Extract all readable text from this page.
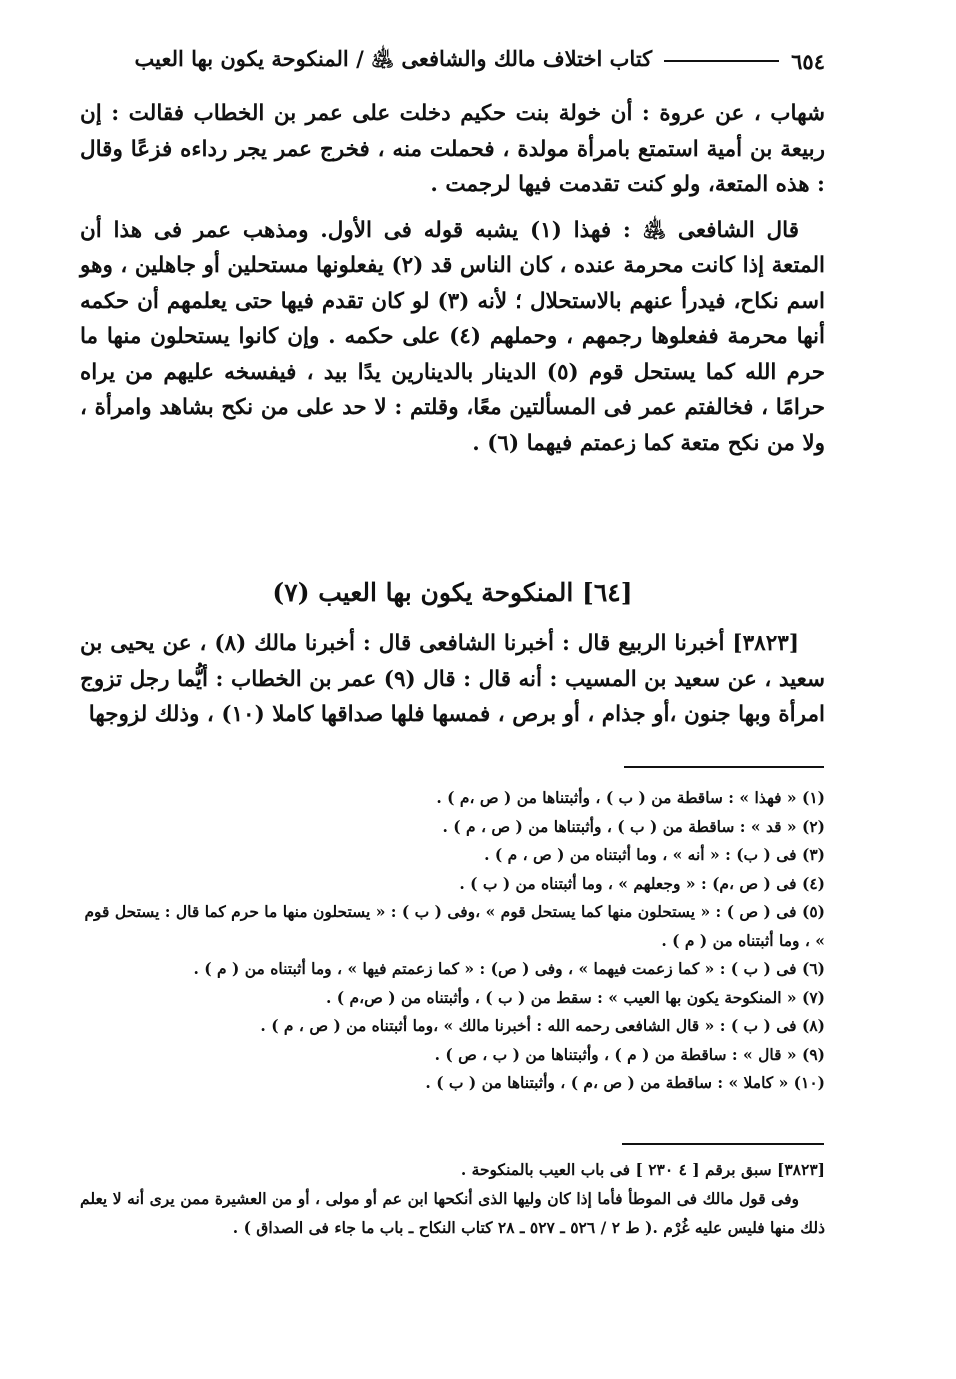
٦٥٤
كتاب اختلاف مالك والشافعى ﵁ / المنكوحة يكون بها العيب

شهاب ، عن عروة : أن خولة بنت حكيم دخلت على عمر بن الخطاب فقالت : إن ربيعة بن أمية استمتع بامرأة مولدة ، فحملت منه ، فخرج عمر يجر رداءه فزعًا وقال : هذه المتعة، ولو كنت تقدمت فيها لرجمت .

قال الشافعى ﵁ : فهذا (١) يشبه قوله فى الأول. ومذهب عمر فى هذا أن المتعة إذا كانت محرمة عنده ، كان الناس قد (٢) يفعلونها مستحلين أو جاهلين ، وهو اسم نكاح، فيدرأ عنهم بالاستحلال ؛ لأنه (٣) لو كان تقدم فيها حتى يعلمهم أن حكمه أنها محرمة ففعلوها رجمهم ، وحملهم (٤) على حكمه . وإن كانوا يستحلون منها ما حرم الله كما يستحل قوم (٥) الدينار بالدينارين يدًا بيد ، فيفسخه عليهم من يراه حرامًا ، فخالفتم عمر فى المسألتين معًا، وقلتم : لا حد على من نكح بشاهد وامرأة ، ولا من نكح متعة كما زعمتم فيهما (٦) .

[٦٤] المنكوحة يكون بها العيب (٧)

[٣٨٢٣] أخبرنا الربيع قال : أخبرنا الشافعى قال : أخبرنا مالك (٨) ، عن يحيى بن سعيد ، عن سعيد بن المسيب : أنه قال : قال (٩) عمر بن الخطاب : أيُّما رجل تزوج امرأة وبها جنون ،أو جذام ، أو برص ، فمسها فلها صداقها كاملا (١٠) ، وذلك لزوجها

(١) « فهذا » : ساقطة من ( ب ) ، وأثبتناها من ( ص ،م ) .

(٢) « قد » : ساقطة من ( ب ) ، وأثبتناها من ( ص ، م ) .

(٣) فى ( ب) : « أنه » ، وما أثبتناه من ( ص ، م ) .

(٤) فى ( ص ،م) : « وجعلهم » ، وما أثبتناه من ( ب ) .

(٥) فى ( ص ) : « يستحلون منها كما يستحل قوم » ،وفى ( ب ) : « يستحلون منها ما حرم كما قال : يستحل قوم » ، وما أثبتناه من ( م ) .

(٦) فى ( ب ) : « كما زعمت فيهما » ، وفى ( ص) : « كما زعمتم فيها » ، وما أثبتناه من ( م ) .

(٧) « المنكوحة يكون بها العيب » : سقط من ( ب ) ، وأثبتناه من ( ص،م ) .

(٨) فى ( ب ) : « قال الشافعى رحمه الله : أخبرنا مالك » ،وما أثبتناه من ( ص ، م ) .

(٩) « قال » : ساقطة من ( م ) ، وأثبتناها من ( ب ، ص ) .

(١٠) « كاملا » : ساقطة من ( ص ،م ) ، وأثبتناها من ( ب ) .

[٣٨٢٣] سبق برقم [ ٤ ٢٣٠ ] فى باب العيب بالمنكوحة .

وفى قول مالك فى الموطأ فأما إذا كان وليها الذى أنكحها ابن عم أو مولى ، أو من العشيرة ممن يرى أنه لا يعلم ذلك منها فليس عليه غُرْم .( ط ٢ / ٥٢٦ ـ ٥٢٧ ـ ٢٨ كتاب النكاح ـ باب ما جاء فى الصداق ) .
